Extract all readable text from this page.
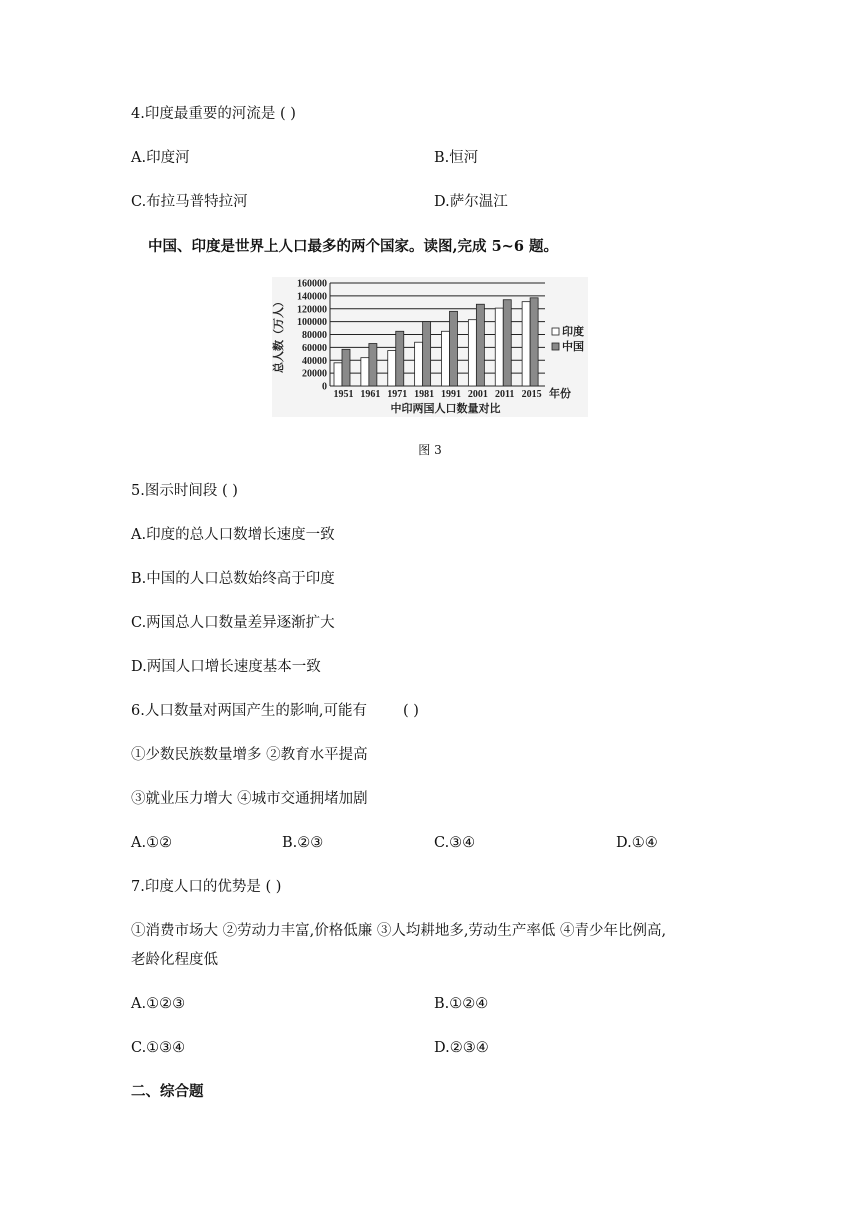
4.印度最重要的河流是 ( )
A.印度河	B.恒河
C.布拉马普特拉河	D.萨尔温江
中国、印度是世界上人口最多的两个国家。读图,完成 5~6 题。
160000
140000
120000
100000
80000
60000
40000
20000
0
总人数（万人）
1951 1961 1971 1981 1991 2001 2011 2015 年份
中印两国人口数量对比
印度
中国
图 3
5.图示时间段 ( )
A.印度的总人口数增长速度一致
B.中国的人口总数始终高于印度
C.两国总人口数量差异逐渐扩大
D.两国人口增长速度基本一致
6.人口数量对两国产生的影响,可能有 ( )
①少数民族数量增多 ②教育水平提高
③就业压力增大 ④城市交通拥堵加剧
A.①②	B.②③	C.③④	D.①④
7.印度人口的优势是 ( )
①消费市场大 ②劳动力丰富,价格低廉 ③人均耕地多,劳动生产率低 ④青少年比例高,
老龄化程度低
A.①②③	B.①②④
C.①③④	D.②③④
二、综合题
